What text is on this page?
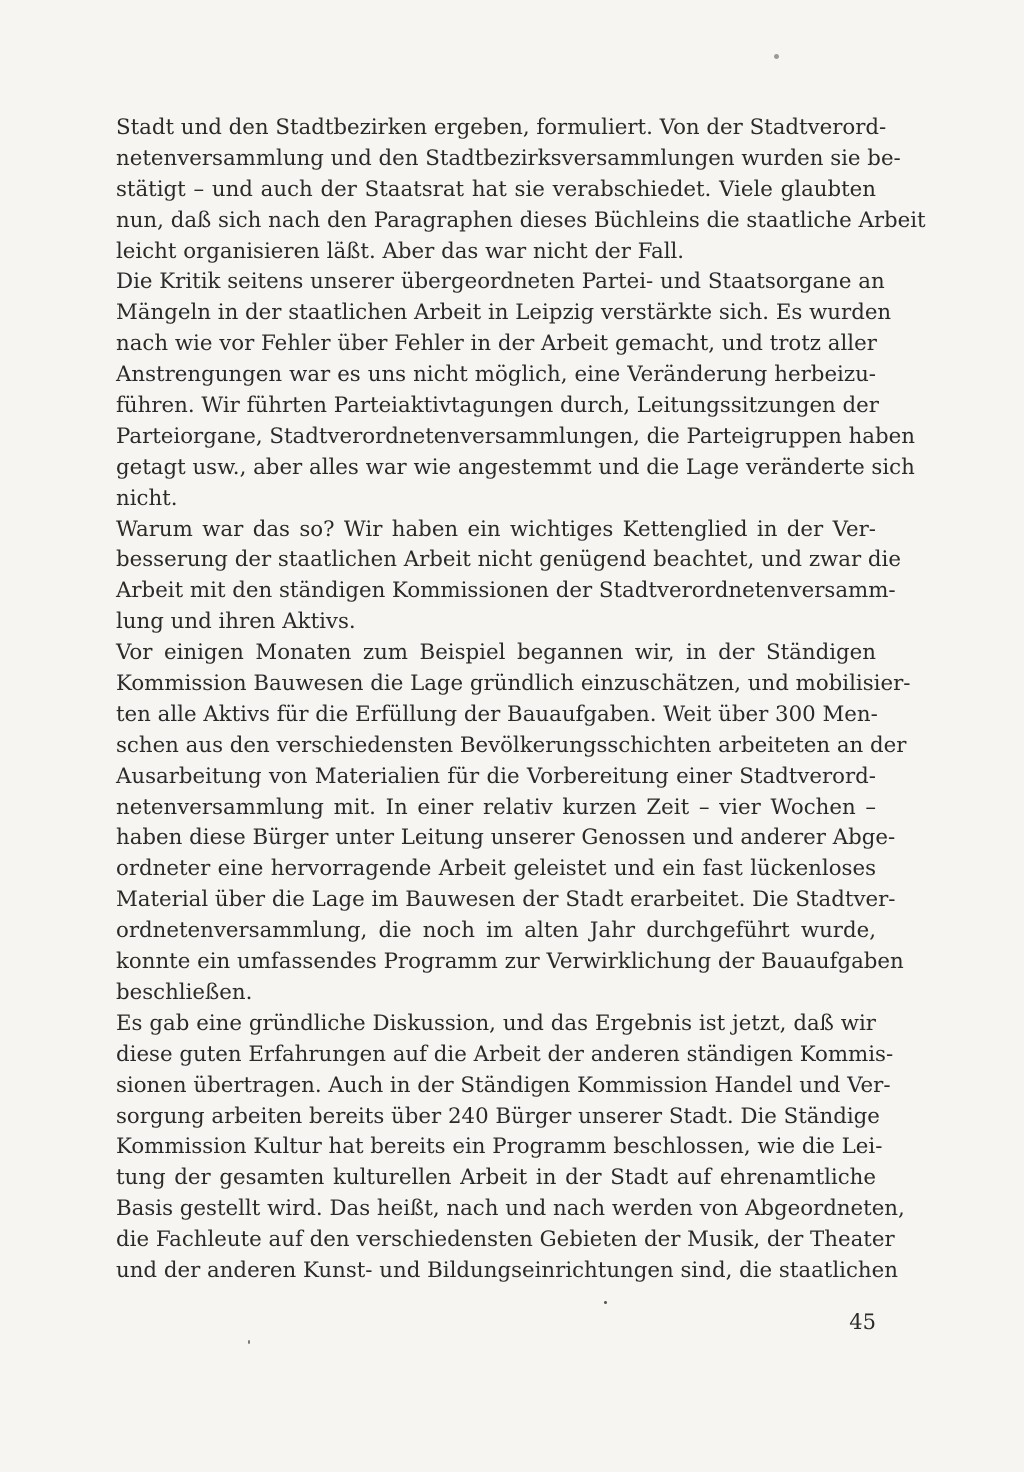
Stadt und den Stadtbezirken ergeben, formuliert. Von der Stadtverord-
netenversammlung und den Stadtbezirksversammlungen wurden sie be-
stätigt – und auch der Staatsrat hat sie verabschiedet. Viele glaubten
nun, daß sich nach den Paragraphen dieses Büchleins die staatliche Arbeit
leicht organisieren läßt. Aber das war nicht der Fall.
Die Kritik seitens unserer übergeordneten Partei- und Staatsorgane an
Mängeln in der staatlichen Arbeit in Leipzig verstärkte sich. Es wurden
nach wie vor Fehler über Fehler in der Arbeit gemacht, und trotz aller
Anstrengungen war es uns nicht möglich, eine Veränderung herbeizu-
führen. Wir führten Parteiaktivtagungen durch, Leitungssitzungen der
Parteiorgane, Stadtverordnetenversammlungen, die Parteigruppen haben
getagt usw., aber alles war wie angestemmt und die Lage veränderte sich
nicht.
Warum war das so? Wir haben ein wichtiges Kettenglied in der Ver-
besserung der staatlichen Arbeit nicht genügend beachtet, und zwar die
Arbeit mit den ständigen Kommissionen der Stadtverordnetenversamm-
lung und ihren Aktivs.
Vor einigen Monaten zum Beispiel begannen wir, in der Ständigen
Kommission Bauwesen die Lage gründlich einzuschätzen, und mobilisier-
ten alle Aktivs für die Erfüllung der Bauaufgaben. Weit über 300 Men-
schen aus den verschiedensten Bevölkerungsschichten arbeiteten an der
Ausarbeitung von Materialien für die Vorbereitung einer Stadtverord-
netenversammlung mit. In einer relativ kurzen Zeit – vier Wochen –
haben diese Bürger unter Leitung unserer Genossen und anderer Abge-
ordneter eine hervorragende Arbeit geleistet und ein fast lückenloses
Material über die Lage im Bauwesen der Stadt erarbeitet. Die Stadtver-
ordnetenversammlung, die noch im alten Jahr durchgeführt wurde,
konnte ein umfassendes Programm zur Verwirklichung der Bauaufgaben
beschließen.
Es gab eine gründliche Diskussion, und das Ergebnis ist jetzt, daß wir
diese guten Erfahrungen auf die Arbeit der anderen ständigen Kommis-
sionen übertragen. Auch in der Ständigen Kommission Handel und Ver-
sorgung arbeiten bereits über 240 Bürger unserer Stadt. Die Ständige
Kommission Kultur hat bereits ein Programm beschlossen, wie die Lei-
tung der gesamten kulturellen Arbeit in der Stadt auf ehrenamtliche
Basis gestellt wird. Das heißt, nach und nach werden von Abgeordneten,
die Fachleute auf den verschiedensten Gebieten der Musik, der Theater
und der anderen Kunst- und Bildungseinrichtungen sind, die staatlichen
45
